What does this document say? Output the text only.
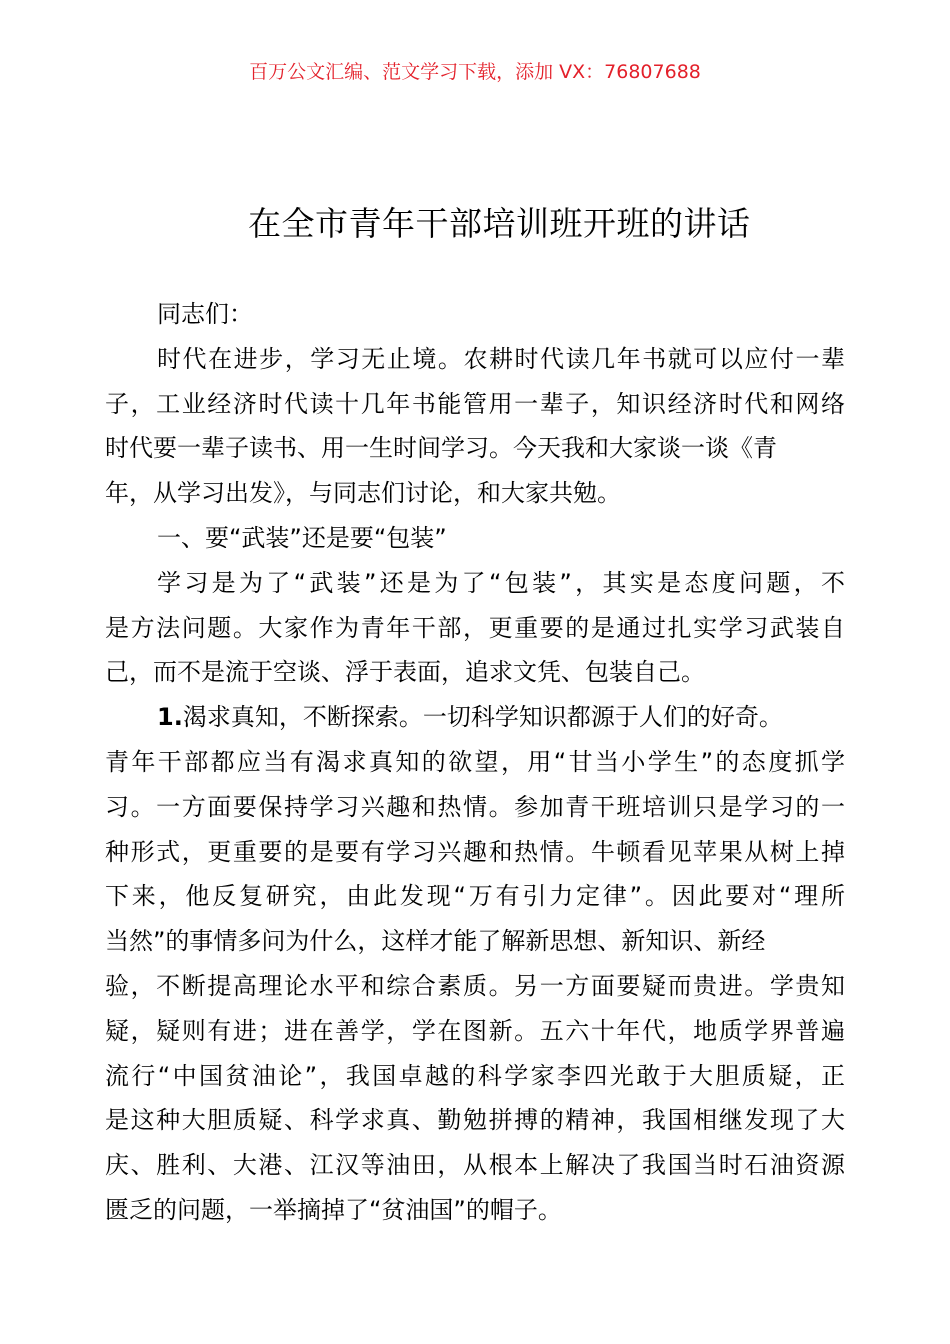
百万公文汇编、范文学习下载，添加 VX：76807688
在全市青年干部培训班开班的讲话
同志们：
时代在进步，学习无止境。农耕时代读几年书就可以应付一辈
子，工业经济时代读十几年书能管用一辈子，知识经济时代和网络
时代要一辈子读书、用一生时间学习。今天我和大家谈一谈《青
年，从学习出发》，与同志们讨论，和大家共勉。
一、要“武装”还是要“包装”
学习是为了“武装”还是为了“包装”，其实是态度问题，不
是方法问题。大家作为青年干部，更重要的是通过扎实学习武装自
己，而不是流于空谈、浮于表面，追求文凭、包装自己。
1.渴求真知，不断探索。一切科学知识都源于人们的好奇。
青年干部都应当有渴求真知的欲望，用“甘当小学生”的态度抓学
习。一方面要保持学习兴趣和热情。参加青干班培训只是学习的一
种形式，更重要的是要有学习兴趣和热情。牛顿看见苹果从树上掉
下来，他反复研究，由此发现“万有引力定律”。因此要对“理所
当然”的事情多问为什么，这样才能了解新思想、新知识、新经
验，不断提高理论水平和综合素质。另一方面要疑而贵进。学贵知
疑，疑则有进；进在善学，学在图新。五六十年代，地质学界普遍
流行“中国贫油论”，我国卓越的科学家李四光敢于大胆质疑，正
是这种大胆质疑、科学求真、勤勉拼搏的精神，我国相继发现了大
庆、胜利、大港、江汉等油田，从根本上解决了我国当时石油资源
匮乏的问题，一举摘掉了“贫油国”的帽子。
